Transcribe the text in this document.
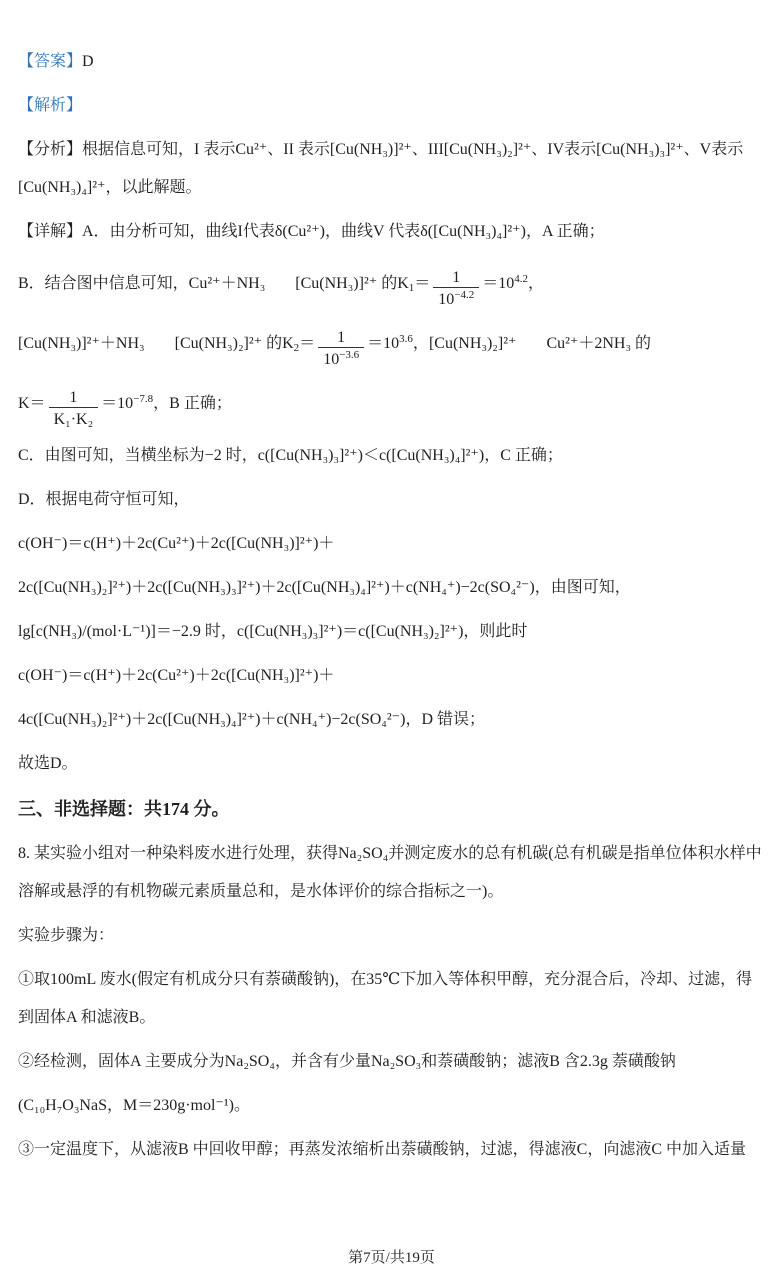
【答案】D
【解析】
【分析】根据信息可知，I 表示Cu²⁺、II 表示[Cu(NH₃)]²⁺、III[Cu(NH₃)₂]²⁺、IV表示[Cu(NH₃)₃]²⁺、V表示[Cu(NH₃)₄]²⁺，以此解题。
【详解】A．由分析可知，曲线I代表δ(Cu²⁺)，曲线V 代表δ([Cu(NH₃)₄]²⁺)，A 正确；
B．结合图中信息可知，Cu²⁺＋NH₃ [Cu(NH₃)]²⁺ 的$K_1= \frac{1}{10^{-4.2}} =10^{4.2}$，
[Cu(NH₃)]²⁺＋NH₃ [Cu(NH₃)₂]²⁺ 的$K_2= \frac{1}{10^{-3.6}} =10^{3.6}$，[Cu(NH₃)₂]²⁺ Cu²⁺＋2NH₃ 的
$K= \frac{1}{\text{K₁·K₂}} =10^{-7.8}$，B 正确；
C．由图可知，当横坐标为−2 时，c([Cu(NH₃)₃]²⁺)＜c([Cu(NH₃)₄]²⁺)，C 正确；
D．根据电荷守恒可知，
c(OH⁻)＝c(H⁺)＋2c(Cu²⁺)＋2c([Cu(NH₃)]²⁺)＋
2c([Cu(NH₃)₂]²⁺)＋2c([Cu(NH₃)₃]²⁺)＋2c([Cu(NH₃)₄]²⁺)＋c(NH₄⁺)−2c(SO₄²⁻)，由图可知，
lg[c(NH₃)/(mol·L⁻¹)]＝−2.9 时，c([Cu(NH₃)₃]²⁺)＝c([Cu(NH₃)₂]²⁺)，则此时
c(OH⁻)＝c(H⁺)＋2c(Cu²⁺)＋2c([Cu(NH₃)]²⁺)＋
4c([Cu(NH₃)₂]²⁺)＋2c([Cu(NH₃)₄]²⁺)＋c(NH₄⁺)−2c(SO₄²⁻)，D 错误；
故选D。
三、非选择题：共174 分。
8. 某实验小组对一种染料废水进行处理，获得Na₂SO₄并测定废水的总有机碳(总有机碳是指单位体积水样中溶解或悬浮的有机物碳元素质量总和，是水体评价的综合指标之一)。
实验步骤为：
①取100mL 废水(假定有机成分只有萘磺酸钠)，在35℃下加入等体积甲醇，充分混合后，冷却、过滤，得到固体A 和滤液B。
②经检测，固体A 主要成分为Na₂SO₄，并含有少量Na₂SO₃和萘磺酸钠；滤液B 含2.3g 萘磺酸钠
(C₁₀H₇O₃NaS，M＝230g·mol⁻¹)。
③一定温度下，从滤液B 中回收甲醇；再蒸发浓缩析出萘磺酸钠，过滤，得滤液C，向滤液C 中加入适量
第7页/共19页
